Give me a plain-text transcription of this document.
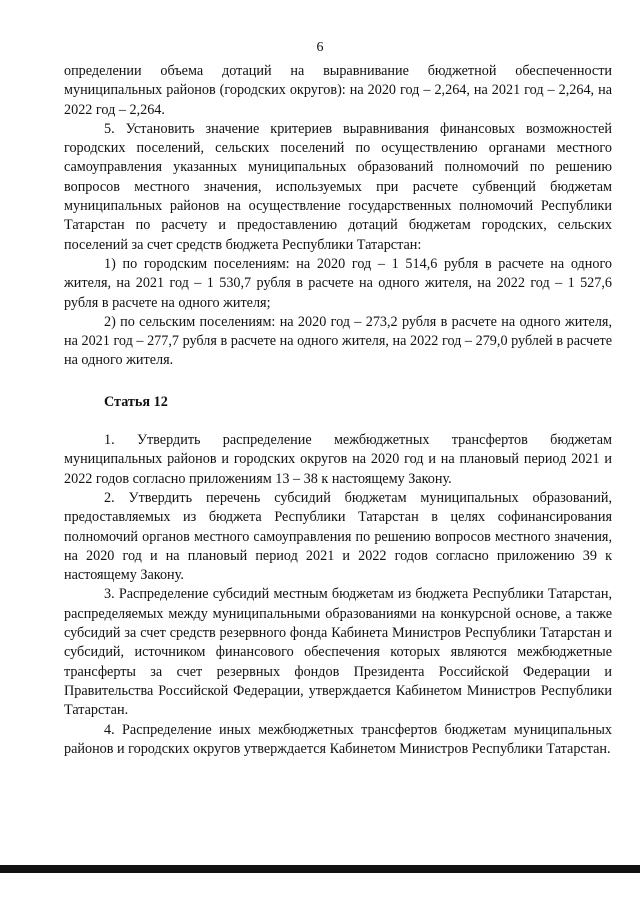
6

определении объема дотаций на выравнивание бюджетной обеспеченности муниципальных районов (городских округов): на 2020 год – 2,264, на 2021 год – 2,264, на 2022 год – 2,264.

5. Установить значение критериев выравнивания финансовых возможностей городских поселений, сельских поселений по осуществлению органами местного самоуправления указанных муниципальных образований полномочий по решению вопросов местного значения, используемых при расчете субвенций бюджетам муниципальных районов на осуществление государственных полномочий Республики Татарстан по расчету и предоставлению дотаций бюджетам городских, сельских поселений за счет средств бюджета Республики Татарстан:

1) по городским поселениям: на 2020 год – 1 514,6 рубля в расчете на одного жителя, на 2021 год – 1 530,7 рубля в расчете на одного жителя, на 2022 год – 1 527,6 рубля в расчете на одного жителя;

2) по сельским поселениям: на 2020 год – 273,2 рубля в расчете на одного жителя, на 2021 год – 277,7 рубля в расчете на одного жителя, на 2022 год – 279,0 рублей в расчете на одного жителя.

Статья 12

1. Утвердить распределение межбюджетных трансфертов бюджетам муниципальных районов и городских округов на 2020 год и на плановый период 2021 и 2022 годов согласно приложениям 13 – 38 к настоящему Закону.

2. Утвердить перечень субсидий бюджетам муниципальных образований, предоставляемых из бюджета Республики Татарстан в целях софинансирования полномочий органов местного самоуправления по решению вопросов местного значения, на 2020 год и на плановый период 2021 и 2022 годов согласно приложению 39 к настоящему Закону.

3. Распределение субсидий местным бюджетам из бюджета Республики Татарстан, распределяемых между муниципальными образованиями на конкурсной основе, а также субсидий за счет средств резервного фонда Кабинета Министров Республики Татарстан и субсидий, источником финансового обеспечения которых являются межбюджетные трансферты за счет резервных фондов Президента Российской Федерации и Правительства Российской Федерации, утверждается Кабинетом Министров Республики Татарстан.

4. Распределение иных межбюджетных трансфертов бюджетам муниципальных районов и городских округов утверждается Кабинетом Министров Республики Татарстан.
